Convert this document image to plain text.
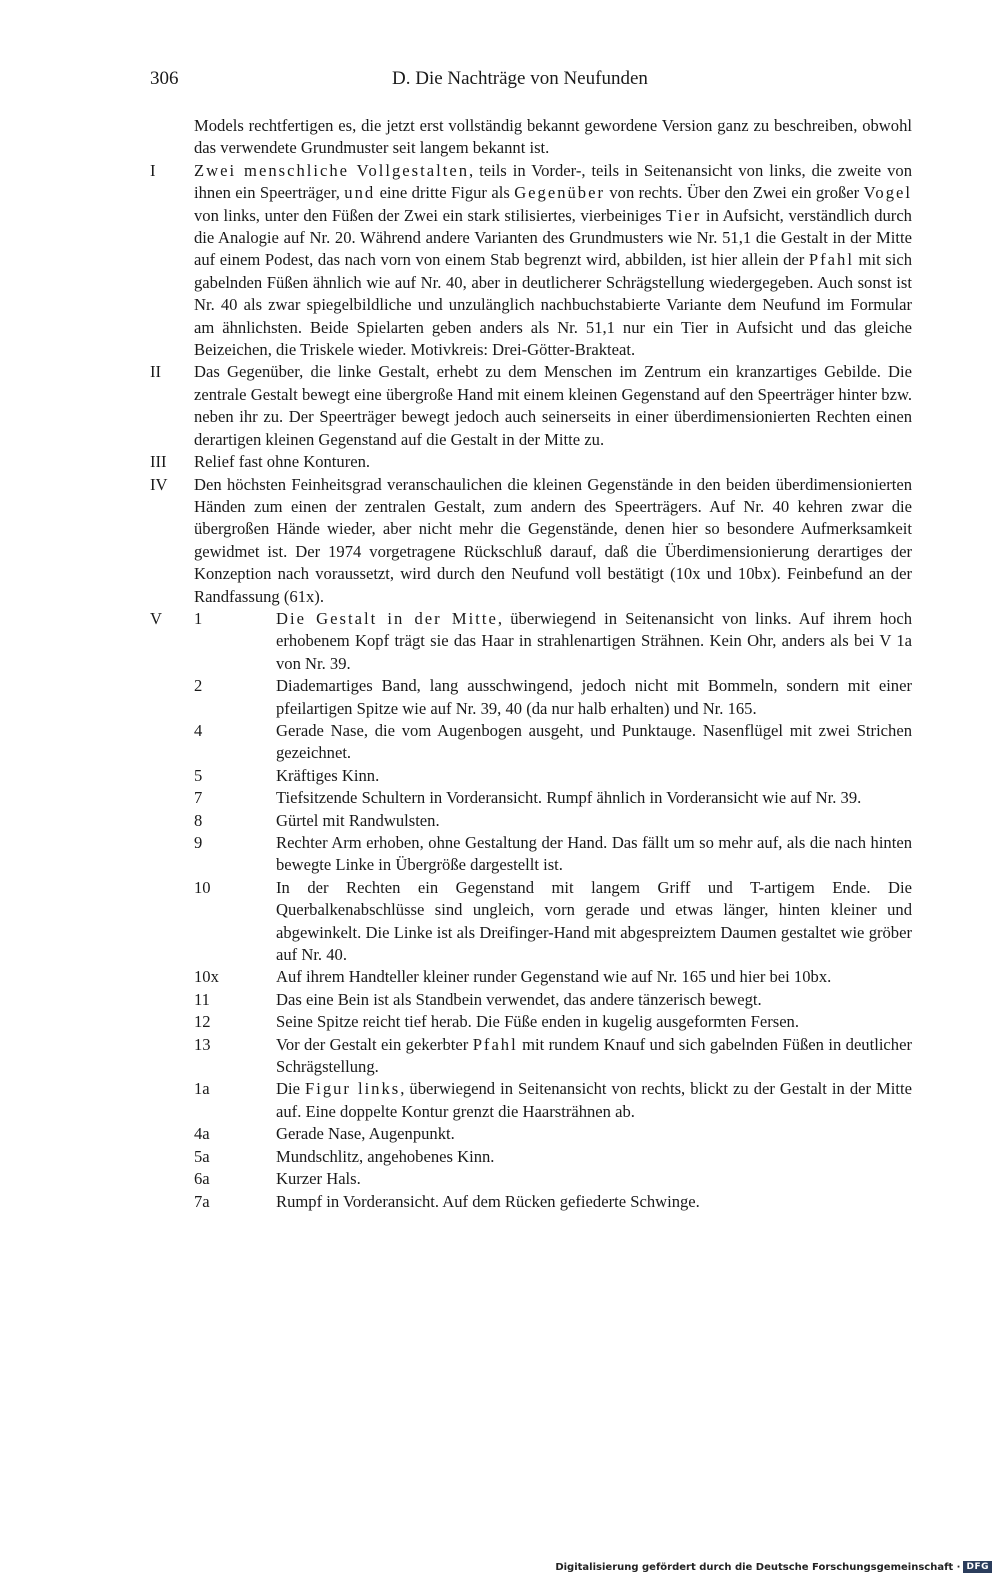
306	D. Die Nachträge von Neufunden
Models rechtfertigen es, die jetzt erst vollständig bekannt gewordene Version ganz zu beschreiben, obwohl das verwendete Grundmuster seit langem bekannt ist.
I	Zwei menschliche Vollgestalten, teils in Vorder-, teils in Seitenansicht von links, die zweite von ihnen ein Speerträger, und eine dritte Figur als Gegenüber von rechts. Über den Zwei ein großer Vogel von links, unter den Füßen der Zwei ein stark stilisiertes, vierbeiniges Tier in Aufsicht, verständlich durch die Analogie auf Nr. 20. Während andere Varianten des Grundmusters wie Nr. 51,1 die Gestalt in der Mitte auf einem Podest, das nach vorn von einem Stab begrenzt wird, abbilden, ist hier allein der Pfahl mit sich gabelnden Füßen ähnlich wie auf Nr. 40, aber in deutlicherer Schrägstellung wiedergegeben. Auch sonst ist Nr. 40 als zwar spiegelbildliche und unzulänglich nachbuchstabierte Variante dem Neufund im Formular am ähnlichsten. Beide Spielarten geben anders als Nr. 51,1 nur ein Tier in Aufsicht und das gleiche Beizeichen, die Triskele wieder. Motivkreis: Drei-Götter-Brakteat.
II	Das Gegenüber, die linke Gestalt, erhebt zu dem Menschen im Zentrum ein kranzartiges Gebilde. Die zentrale Gestalt bewegt eine übergroße Hand mit einem kleinen Gegenstand auf den Speerträger hinter bzw. neben ihr zu. Der Speerträger bewegt jedoch auch seinerseits in einer überdimensionierten Rechten einen derartigen kleinen Gegenstand auf die Gestalt in der Mitte zu.
III	Relief fast ohne Konturen.
IV	Den höchsten Feinheitsgrad veranschaulichen die kleinen Gegenstände in den beiden überdimensionierten Händen zum einen der zentralen Gestalt, zum andern des Speerträgers. Auf Nr. 40 kehren zwar die übergroßen Hände wieder, aber nicht mehr die Gegenstände, denen hier so besondere Aufmerksamkeit gewidmet ist. Der 1974 vorgetragene Rückschluß darauf, daß die Überdimensionierung derartiges der Konzeption nach voraussetzt, wird durch den Neufund voll bestätigt (10x und 10bx). Feinbefund an der Randfassung (61x).
V	1	Die Gestalt in der Mitte, überwiegend in Seitenansicht von links. Auf ihrem hoch erhobenem Kopf trägt sie das Haar in strahlenartigen Strähnen. Kein Ohr, anders als bei V 1a von Nr. 39.
2	Diademartiges Band, lang ausschwingend, jedoch nicht mit Bommeln, sondern mit einer pfeilartigen Spitze wie auf Nr. 39, 40 (da nur halb erhalten) und Nr. 165.
4	Gerade Nase, die vom Augenbogen ausgeht, und Punktauge. Nasenflügel mit zwei Strichen gezeichnet.
5	Kräftiges Kinn.
7	Tiefsitzende Schultern in Vorderansicht. Rumpf ähnlich in Vorderansicht wie auf Nr. 39.
8	Gürtel mit Randwulsten.
9	Rechter Arm erhoben, ohne Gestaltung der Hand. Das fällt um so mehr auf, als die nach hinten bewegte Linke in Übergröße dargestellt ist.
10	In der Rechten ein Gegenstand mit langem Griff und T-artigem Ende. Die Querbalkenabschlüsse sind ungleich, vorn gerade und etwas länger, hinten kleiner und abgewinkelt. Die Linke ist als Dreifinger-Hand mit abgespreiztem Daumen gestaltet wie gröber auf Nr. 40.
10x	Auf ihrem Handteller kleiner runder Gegenstand wie auf Nr. 165 und hier bei 10bx.
11	Das eine Bein ist als Standbein verwendet, das andere tänzerisch bewegt.
12	Seine Spitze reicht tief herab. Die Füße enden in kugelig ausgeformten Fersen.
13	Vor der Gestalt ein gekerbter Pfahl mit rundem Knauf und sich gabelnden Füßen in deutlicher Schrägstellung.
1a	Die Figur links, überwiegend in Seitenansicht von rechts, blickt zu der Gestalt in der Mitte auf. Eine doppelte Kontur grenzt die Haarsträhnen ab.
4a	Gerade Nase, Augenpunkt.
5a	Mundschlitz, angehobenes Kinn.
6a	Kurzer Hals.
7a	Rumpf in Vorderansicht. Auf dem Rücken gefiederte Schwinge.
Digitalisierung gefördert durch die Deutsche Forschungsgemeinschaft · DFG
